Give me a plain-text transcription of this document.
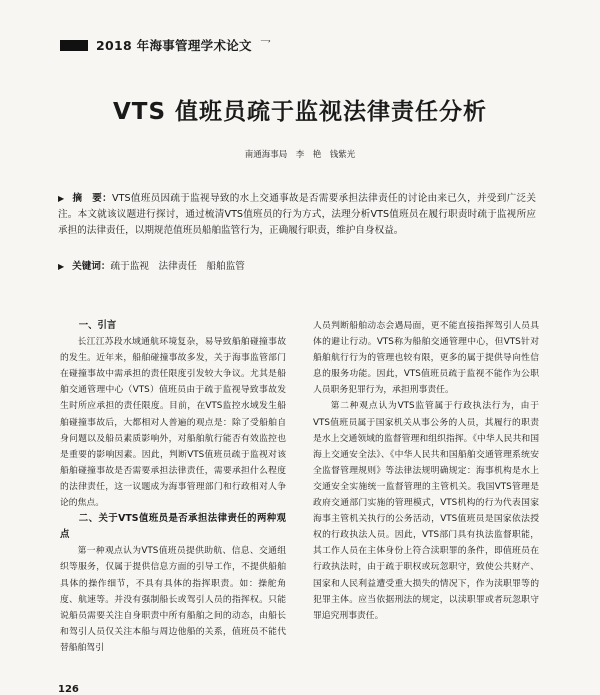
2018 年海事管理学术论文 乛
VTS 值班员疏于监视法律责任分析
南通海事局　李　艳　钱紫光
▶ 摘　要：VTS值班员因疏于监视导致的水上交通事故是否需要承担法律责任的讨论由来已久，并受到广泛关注。本文就该议题进行探讨，通过梳清VTS值班员的行为方式，法理分析VTS值班员在履行职责时疏于监视所应承担的法律责任，以期规范值班员船舶监管行为，正确履行职责，维护自身权益。
▶ 关键词：疏于监视　法律责任　船舶监管

一、引言

长江江苏段水域通航环境复杂，易导致船舶碰撞事故的发生。近年来，船舶碰撞事故多发，关于海事监管部门在碰撞事故中需承担的责任限度引发较大争议。尤其是船舶交通管理中心（VTS）值班员由于疏于监视导致事故发生时所应承担的责任限度。目前，在VTS监控水域发生船舶碰撞事故后，大都相对人普遍的观点是：除了受船舶自身问题以及船员素质影响外，对船舶航行能否有效监控也是重要的影响因素。因此，判断VTS值班员疏于监视对该船舶碰撞事故是否需要承担法律责任，需要承担什么程度的法律责任，这一议题成为海事管理部门和行政相对人争论的焦点。

二、关于VTS值班员是否承担法律责任的两种观点

第一种观点认为VTS值班员提供助航、信息、交通组织等服务，仅属于提供信息方面的引导工作，不提供船舶具体的操作细节，不具有具体的指挥职责。如：操舵角度、航速等。并没有强制船长或驾引人员的指挥权。只能说船员需要关注自身职责中所有船舶之间的动态，由船长和驾引人员仅关注本船与周边他船的关系，值班员不能代替船舶驾引

人员判断船舶动态会遇局面，更不能直接指挥驾引人员具体的避让行动。VTS称为船舶交通管理中心，但VTS针对船舶航行行为的管理也较有限，更多的属于提供导向性信息的服务功能。因此，VTS值班员疏于监视不能作为公职人员职务犯罪行为，承担刑事责任。

第二种观点认为VTS监管属于行政执法行为，由于VTS值班员属于国家机关从事公务的人员，其履行的职责是水上交通领域的监督管理和组织指挥。《中华人民共和国海上交通安全法》、《中华人民共和国船舶交通管理系统安全监督管理规则》等法律法规明确规定：海事机构是水上交通安全实施统一监督管理的主管机关。我国VTS管理是政府交通部门实施的管理模式，VTS机构的行为代表国家海事主管机关执行的公务活动，VTS值班员是国家依法授权的行政执法人员。因此，VTS部门具有执法监督职能，其工作人员在主体身份上符合渎职罪的条件，即值班员在行政执法时，由于疏于职权或玩忽职守，致使公共财产、国家和人民利益遭受重大损失的情况下，作为渎职罪等的犯罪主体。应当依据刑法的规定，以渎职罪或者玩忽职守罪追究刑事责任。

126
